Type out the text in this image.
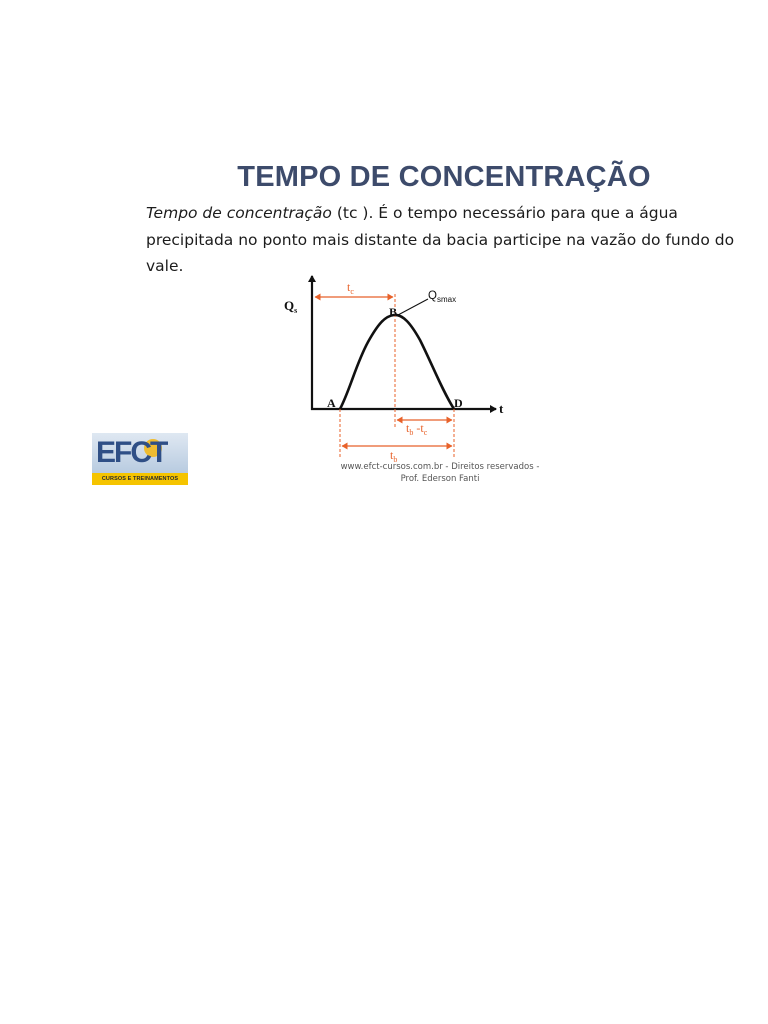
TEMPO DE CONCENTRAÇÃO
Tempo de concentração (tc ). É o tempo necessário para que a água
precipitada no ponto mais distante da bacia participe na vazão do fundo do
vale.
$t_c$
$t_b$ $-t_c$
$t_b$
$Q_s$
t
$Q_{smax}$
A
B
D
EFCT
CURSOS E TREINAMENTOS
www.efct-cursos.com.br - Direitos reservados -
Prof. Ederson Fanti
